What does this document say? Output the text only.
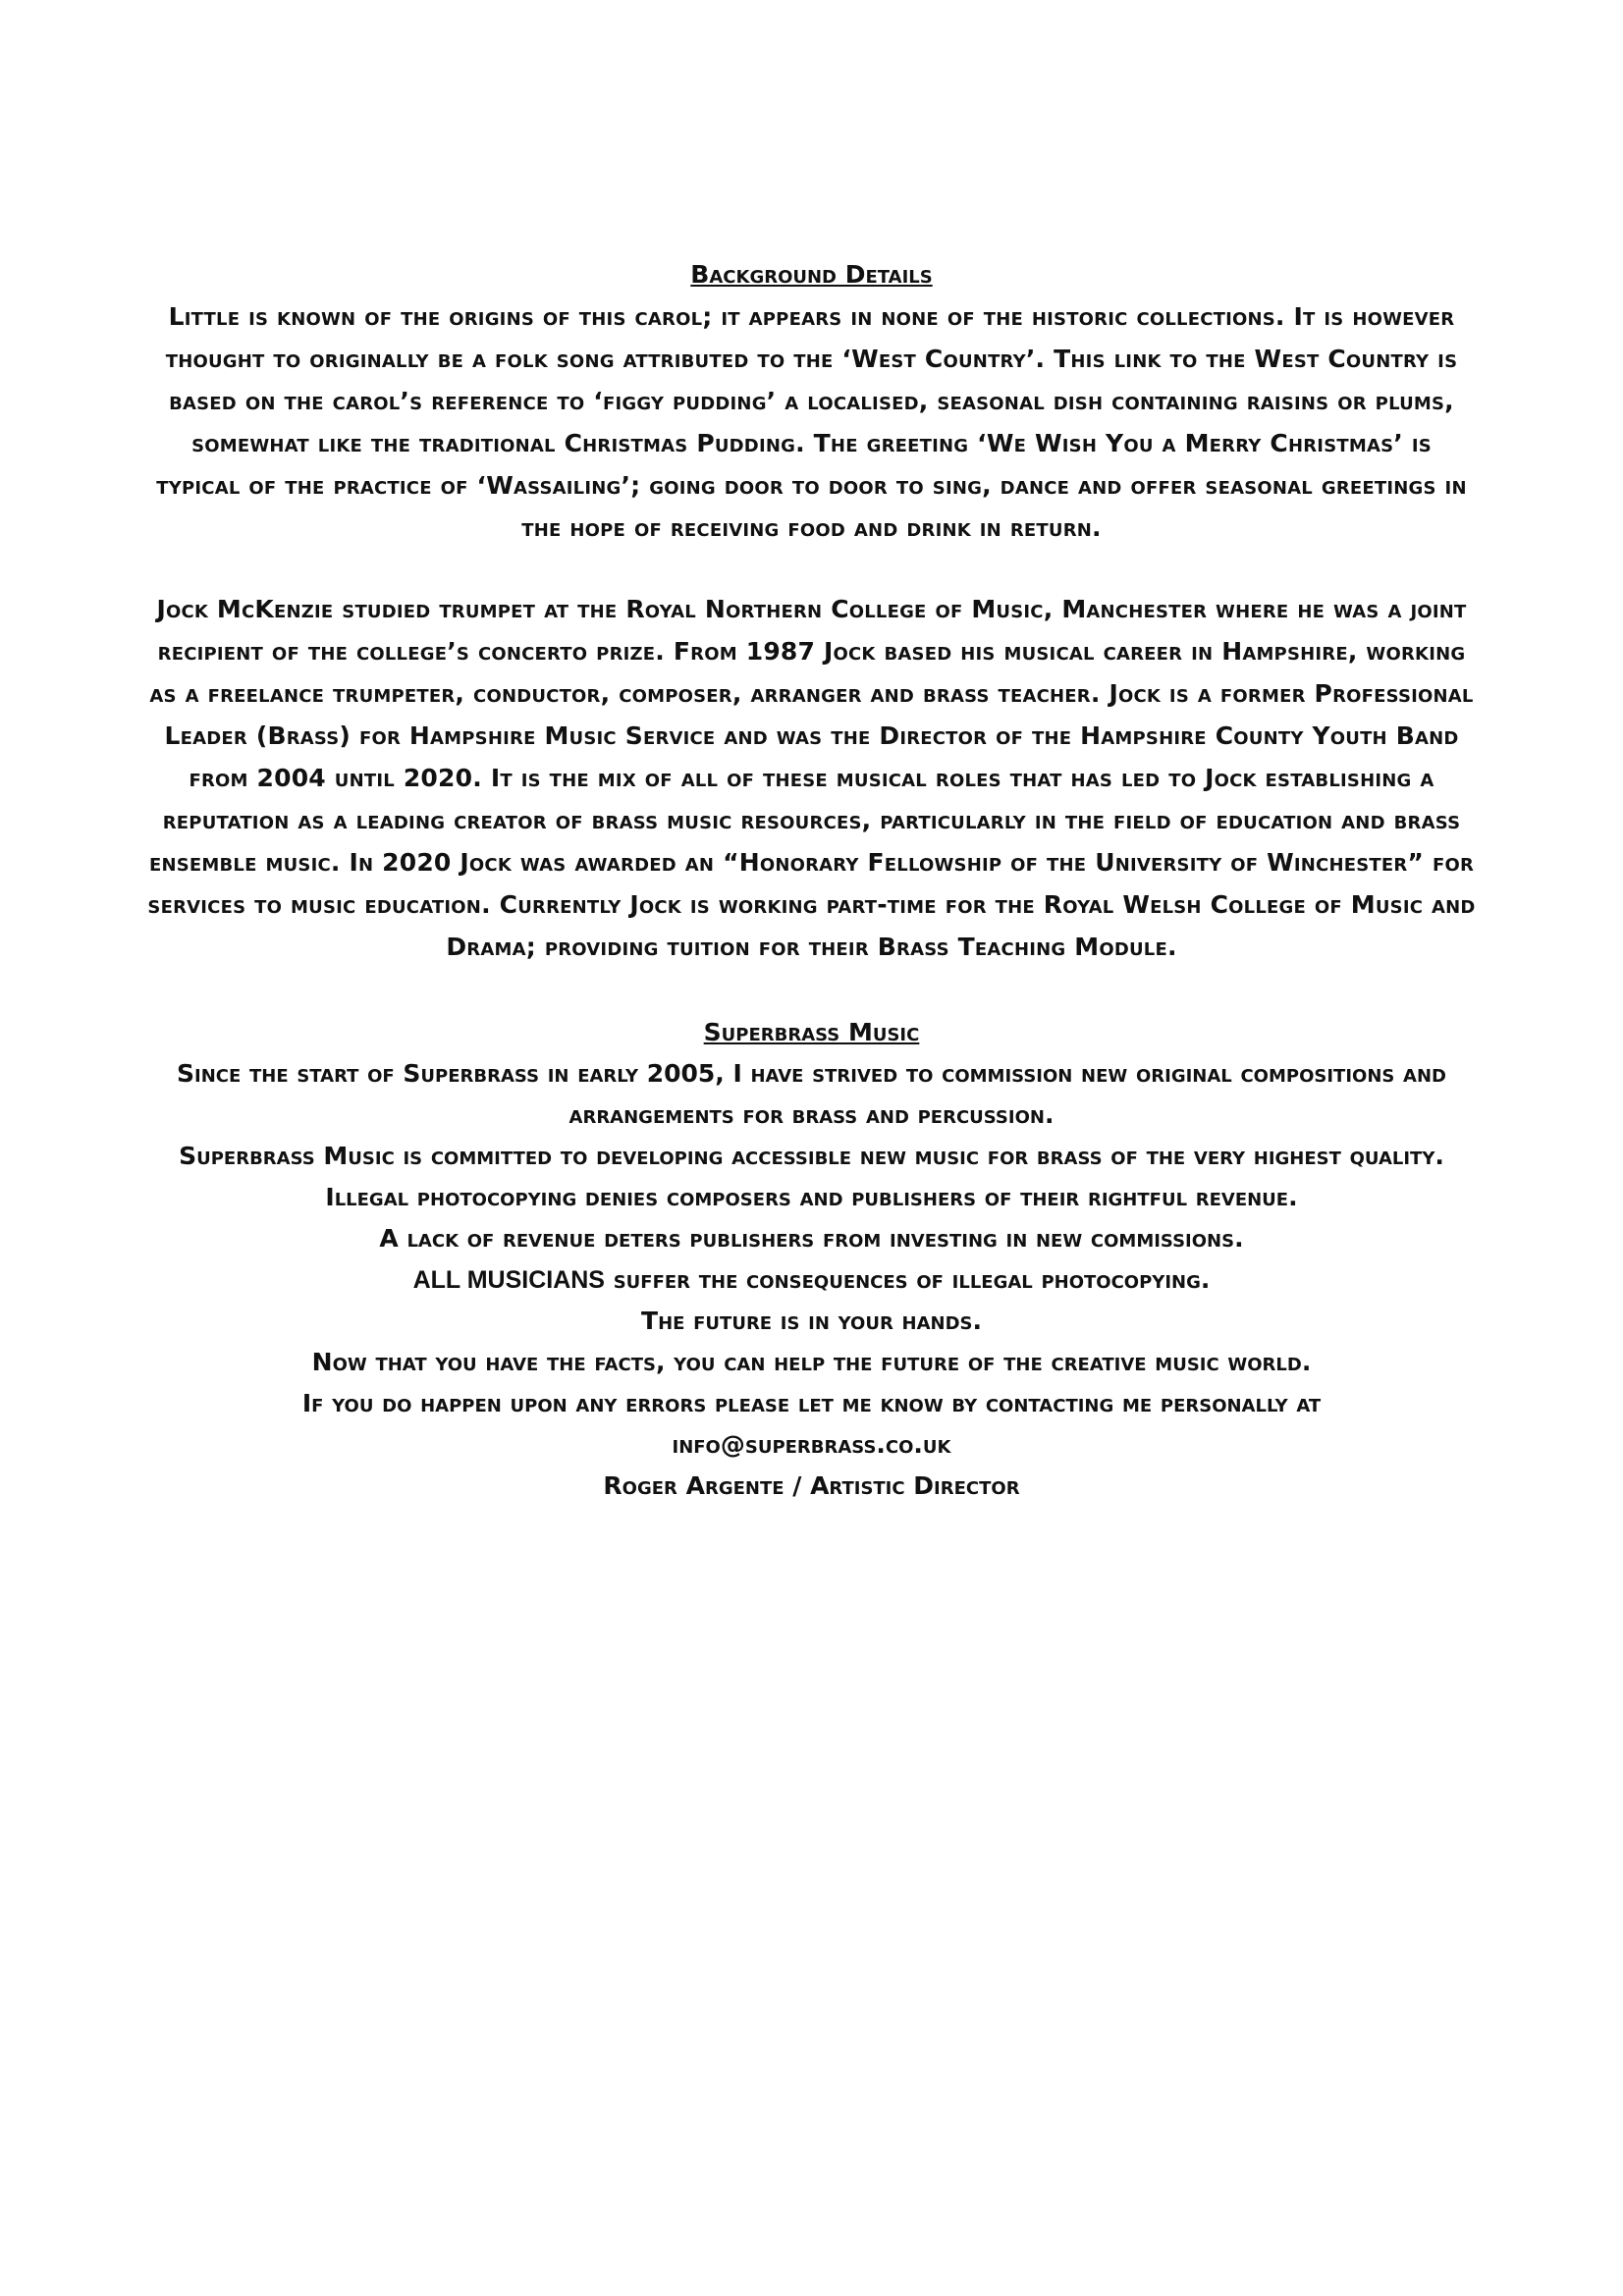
Background Details

Little is known of the origins of this carol; it appears in none of the historic collections. It is however thought to originally be a folk song attributed to the ‘West Country’. This link to the West Country is based on the carol’s reference to ‘figgy pudding’ a localised, seasonal dish containing raisins or plums, somewhat like the traditional Christmas Pudding. The greeting ‘We Wish You a Merry Christmas’ is typical of the practice of ‘Wassailing’; going door to door to sing, dance and offer seasonal greetings in the hope of receiving food and drink in return.

Jock McKenzie studied trumpet at the Royal Northern College of Music, Manchester where he was a joint recipient of the college’s concerto prize. From 1987 Jock based his musical career in Hampshire, working as a freelance trumpeter, conductor, composer, arranger and brass teacher. Jock is a former Professional Leader (Brass) for Hampshire Music Service and was the Director of the Hampshire County Youth Band from 2004 until 2020. It is the mix of all of these musical roles that has led to Jock establishing a reputation as a leading creator of brass music resources, particularly in the field of education and brass ensemble music. In 2020 Jock was awarded an “Honorary Fellowship of the University of Winchester” for services to music education. Currently Jock is working part-time for the Royal Welsh College of Music and Drama; providing tuition for their Brass Teaching Module.

Superbrass Music

Since the start of Superbrass in early 2005, I have strived to commission new original compositions and arrangements for brass and percussion.

Superbrass Music is committed to developing accessible new music for brass of the very highest quality.

Illegal photocopying denies composers and publishers of their rightful revenue.

A lack of revenue deters publishers from investing in new commissions.

ALL MUSICIANS suffer the consequences of illegal photocopying.

The future is in your hands.

Now that you have the facts, you can help the future of the creative music world.

If you do happen upon any errors please let me know by contacting me personally at

info@superbrass.co.uk

Roger Argente / Artistic Director
